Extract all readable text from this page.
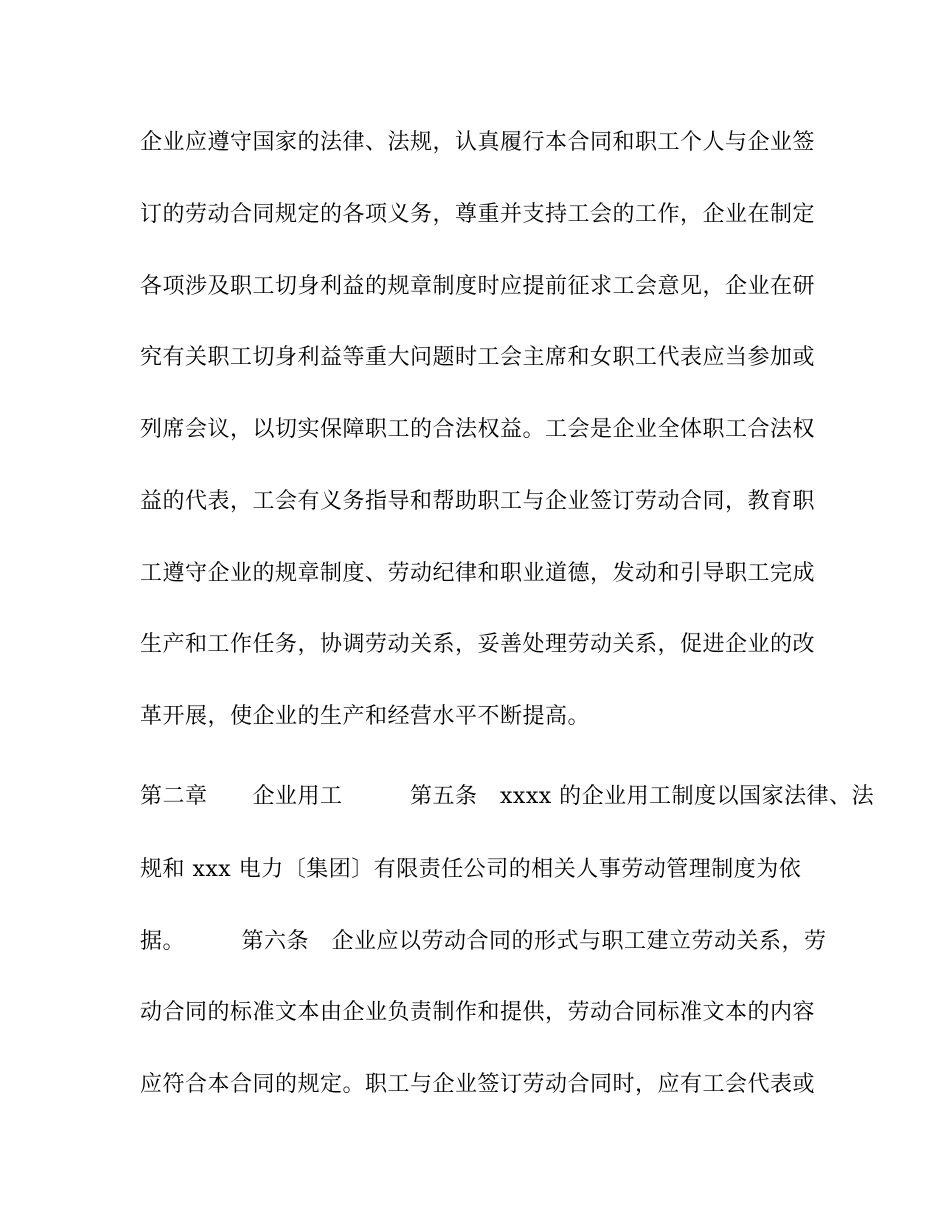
企业应遵守国家的法律、法规，认真履行本合同和职工个人与企业签
订的劳动合同规定的各项义务，尊重并支持工会的工作，企业在制定
各项涉及职工切身利益的规章制度时应提前征求工会意见，企业在研
究有关职工切身利益等重大问题时工会主席和女职工代表应当参加或
列席会议，以切实保障职工的合法权益。工会是企业全体职工合法权
益的代表，工会有义务指导和帮助职工与企业签订劳动合同，教育职
工遵守企业的规章制度、劳动纪律和职业道德，发动和引导职工完成
生产和工作任务，协调劳动关系，妥善处理劳动关系，促进企业的改
革开展，使企业的生产和经营水平不断提高。
第二章　　企业用工　　　第五条　xxxx 的企业用工制度以国家法律、法
规和 xxx 电力〔集团〕有限责任公司的相关人事劳动管理制度为依
据。　　　第六条　企业应以劳动合同的形式与职工建立劳动关系，劳
动合同的标准文本由企业负责制作和提供，劳动合同标准文本的内容
应符合本合同的规定。职工与企业签订劳动合同时，应有工会代表或
